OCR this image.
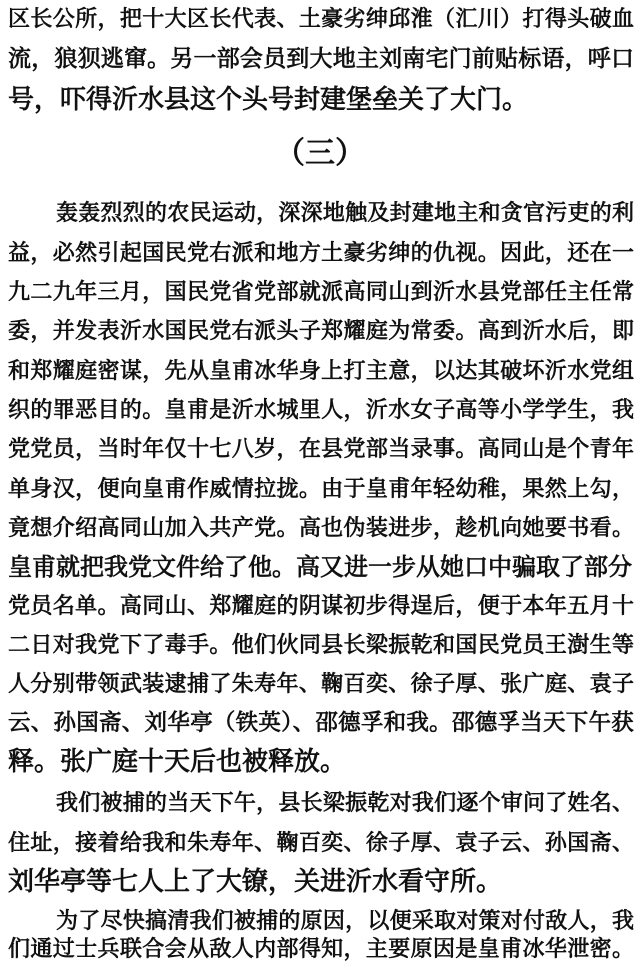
区长公所，把十大区长代表、土豪劣绅邱淮（汇川）打得头破血
流，狼狈逃窜。另一部会员到大地主刘南宅门前贴标语，呼口
号，吓得沂水县这个头号封建堡垒关了大门。
（三）
轰轰烈烈的农民运动，深深地触及封建地主和贪官污吏的利
益，必然引起国民党右派和地方土豪劣绅的仇视。因此，还在一
九二九年三月，国民党省党部就派高同山到沂水县党部任主任常
委，并发表沂水国民党右派头子郑耀庭为常委。高到沂水后，即
和郑耀庭密谋，先从皇甫冰华身上打主意，以达其破坏沂水党组
织的罪恶目的。皇甫是沂水城里人，沂水女子高等小学学生，我
党党员，当时年仅十七八岁，在县党部当录事。高同山是个青年
单身汉，便向皇甫作威情拉拢。由于皇甫年轻幼稚，果然上勾，
竟想介绍高同山加入共产党。高也伪装进步，趁机向她要书看。
皇甫就把我党文件给了他。高又进一步从她口中骗取了部分
党员名单。高同山、郑耀庭的阴谋初步得逞后，便于本年五月十
二日对我党下了毒手。他们伙同县长梁振乾和国民党员王澍生等
人分别带领武装逮捕了朱寿年、鞠百奕、徐子厚、张广庭、袁子
云、孙国斋、刘华亭（铁英）、邵德孚和我。邵德孚当天下午获
释。张广庭十天后也被释放。
我们被捕的当天下午，县长梁振乾对我们逐个审问了姓名、
住址，接着给我和朱寿年、鞠百奕、徐子厚、袁子云、孙国斋、
刘华亭等七人上了大镣，关进沂水看守所。
为了尽快搞清我们被捕的原因，以便采取对策对付敌人，我
们通过士兵联合会从敌人内部得知，主要原因是皇甫冰华泄密。
